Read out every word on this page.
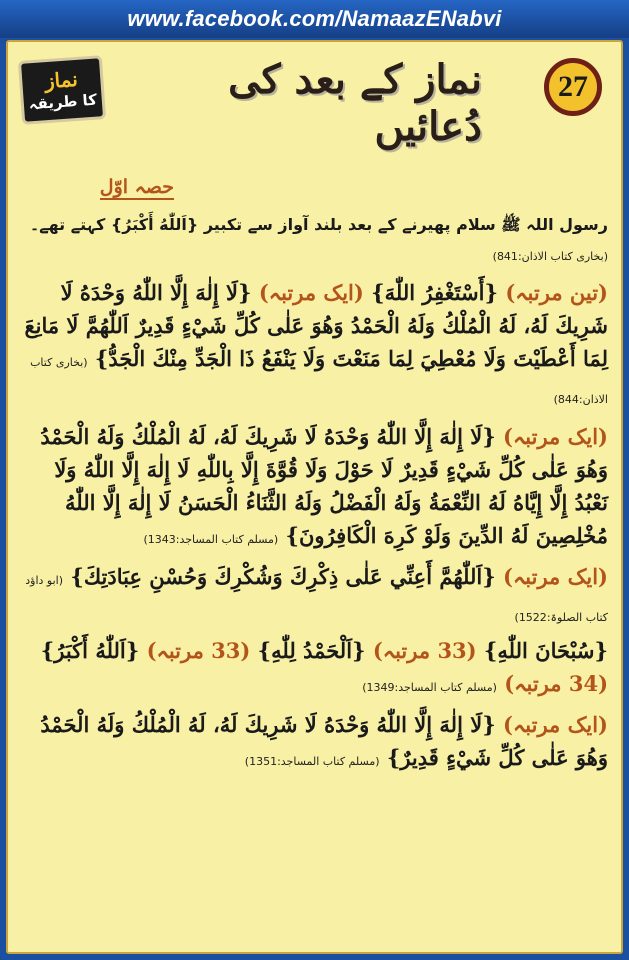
www.facebook.com/NamaazENabvi
نماز
کا طریقہ	نماز کے بعد کی دُعائیں
27
حصہ اوّل

رسول اللہ ﷺ سلام پھیرنے کے بعد بلند آواز سے تکبیر {اَللّٰهُ أَكْبَرُ} کہتے تھے۔ (بخاری کتاب الاذان:841)

(تین مرتبہ) {أَسْتَغْفِرُ اللّٰهَ} (ایک مرتبہ) {لَا إِلٰهَ إِلَّا اللّٰهُ وَحْدَهُ لَا شَرِيكَ لَهُ، لَهُ الْمُلْكُ وَلَهُ الْحَمْدُ وَهُوَ عَلٰى كُلِّ شَيْءٍ قَدِيرٌ اَللّٰهُمَّ لَا مَانِعَ لِمَا أَعْطَيْتَ وَلَا مُعْطِيَ لِمَا مَنَعْتَ وَلَا يَنْفَعُ ذَا الْجَدِّ مِنْكَ الْجَدُّ} (بخاری کتاب الاذان:844)

(ایک مرتبہ) {لَا إِلٰهَ إِلَّا اللّٰهُ وَحْدَهُ لَا شَرِيكَ لَهُ، لَهُ الْمُلْكُ وَلَهُ الْحَمْدُ وَهُوَ عَلٰى كُلِّ شَيْءٍ قَدِيرٌ لَا حَوْلَ وَلَا قُوَّةَ إِلَّا بِاللّٰهِ لَا إِلٰهَ إِلَّا اللّٰهُ وَلَا نَعْبُدُ إِلَّا إِيَّاهُ لَهُ النِّعْمَةُ وَلَهُ الْفَضْلُ وَلَهُ الثَّنَاءُ الْحَسَنُ لَا إِلٰهَ إِلَّا اللّٰهُ مُخْلِصِينَ لَهُ الدِّينَ وَلَوْ كَرِهَ الْكَافِرُونَ} (مسلم کتاب المساجد:1343)

(ایک مرتبہ) {اَللّٰهُمَّ أَعِنِّي عَلٰى ذِكْرِكَ وَشُكْرِكَ وَحُسْنِ عِبَادَتِكَ} (ابو داؤد کتاب الصلوۃ:1522)

{سُبْحَانَ اللّٰهِ} (33 مرتبہ) {اَلْحَمْدُ لِلّٰهِ} (33 مرتبہ) {اَللّٰهُ أَكْبَرُ} (34 مرتبہ) (مسلم کتاب المساجد:1349)

(ایک مرتبہ) {لَا إِلٰهَ إِلَّا اللّٰهُ وَحْدَهُ لَا شَرِيكَ لَهُ، لَهُ الْمُلْكُ وَلَهُ الْحَمْدُ وَهُوَ عَلٰى كُلِّ شَيْءٍ قَدِيرٌ} (مسلم کتاب المساجد:1351)
